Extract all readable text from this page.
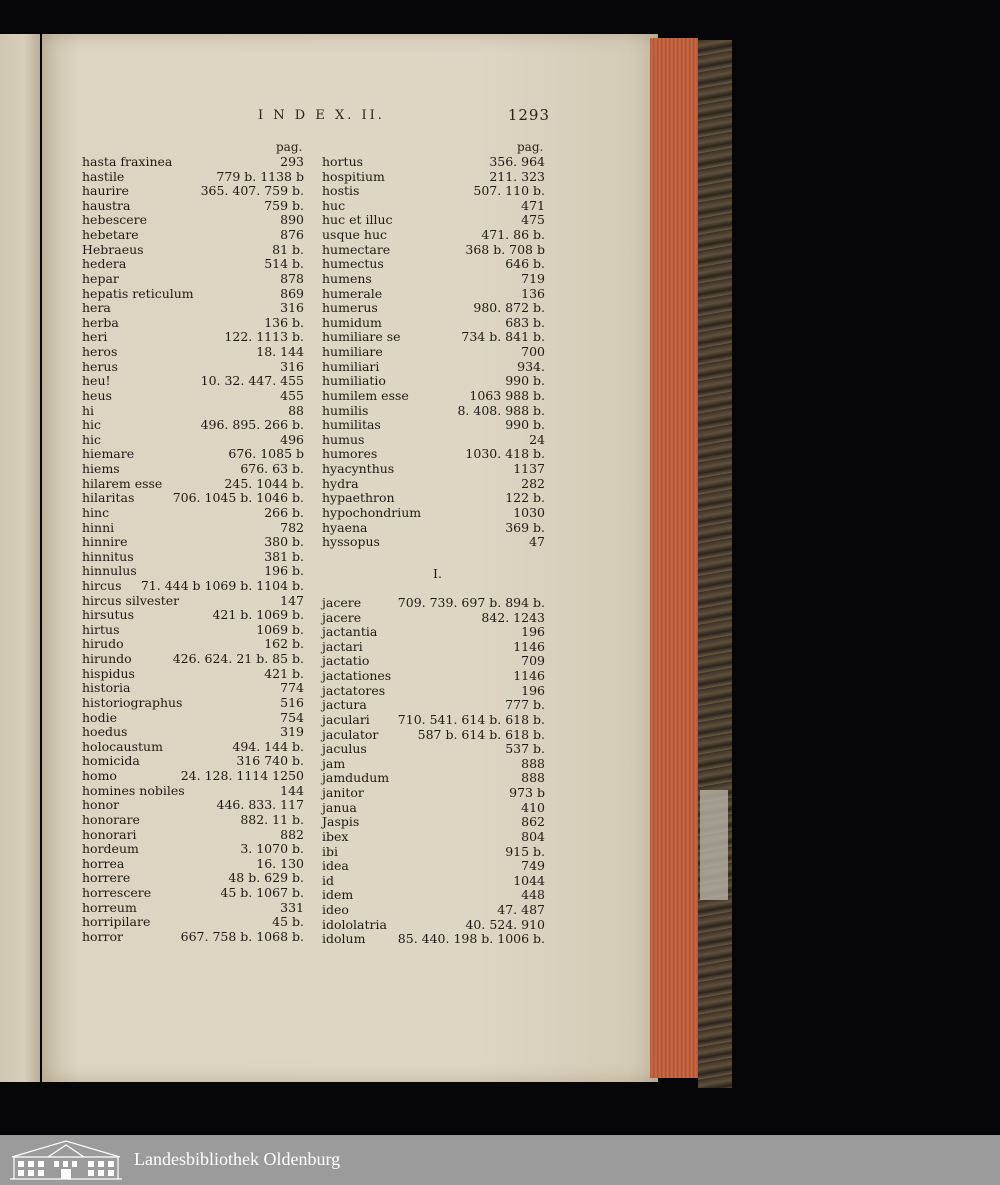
I N D E X. II.	1293
pag.	pag.
hasta fraxinea	293
hastile	779 b. 1138 b
haurire	365. 407. 759 b.
haustra	759 b.
hebescere	890
hebetare	876
Hebraeus	81 b.
hedera	514 b.
hepar	878
hepatis reticulum	869
hera	316
herba	136 b.
heri	122. 1113 b.
heros	18. 144
herus	316
heu!	10. 32. 447. 455
heus	455
hi	88
hic	496. 895. 266 b.
hic	496
hiemare	676. 1085 b
hiems	676. 63 b.
hilarem esse	245. 1044 b.
hilaritas	706. 1045 b. 1046 b.
hinc	266 b.
hinni	782
hinnire	380 b.
hinnitus	381 b.
hinnulus	196 b.
hircus 71. 444 b 1069 b. 1104 b.
hircus silvester	147
hirsutus	421 b. 1069 b.
hirtus	1069 b.
hirudo	162 b.
hirundo	426. 624. 21 b. 85 b.
hispidus	421 b.
historia	774
historiographus	516
hodie	754
hoedus	319
holocaustum	494. 144 b.
homicida	316 740 b.
homo	24. 128. 1114 1250
homines nobiles	144
honor	446. 833. 117
honorare	882. 11 b.
honorari	882
hordeum	3. 1070 b.
horrea	16. 130
horrere	48 b. 629 b.
horrescere	45 b. 1067 b.
horreum	331
horripilare	45 b.
horror	667. 758 b. 1068 b.
hortus	356. 964
hospitium	211. 323
hostis	507. 110 b.
huc	471
huc et illuc	475
usque huc	471. 86 b.
humectare	368 b. 708 b
humectus	646 b.
humens	719
humerale	136
humerus	980. 872 b.
humidum	683 b.
humiliare se	734 b. 841 b.
humiliare	700
humiliari	934.
humiliatio	990 b.
humilem esse	1063 988 b.
humilis	8. 408. 988 b.
humilitas	990 b.
humus	24
humores	1030. 418 b.
hyacynthus	1137
hydra	282
hypaethron	122 b.
hypochondrium	1030
hyaena	369 b.
hyssopus	47
jacere	709. 739. 697 b. 894 b.
jacere	842. 1243
jactantia	196
jactari	1146
jactatio	709
jactationes	1146
jactatores	196
jactura	777 b.
jaculari 710. 541. 614 b. 618 b.
jaculator	587 b. 614 b. 618 b.
jaculus	537 b.
jam	888
jamdudum	888
janitor	973 b
janua	410
Jaspis	862
ibex	804
ibi	915 b.
idea	749
id	1044
idem	448
ideo	47. 487
idololatria	40. 524. 910
idolum	85. 440. 198 b. 1006 b.
I.
Landesbibliothek Oldenburg
